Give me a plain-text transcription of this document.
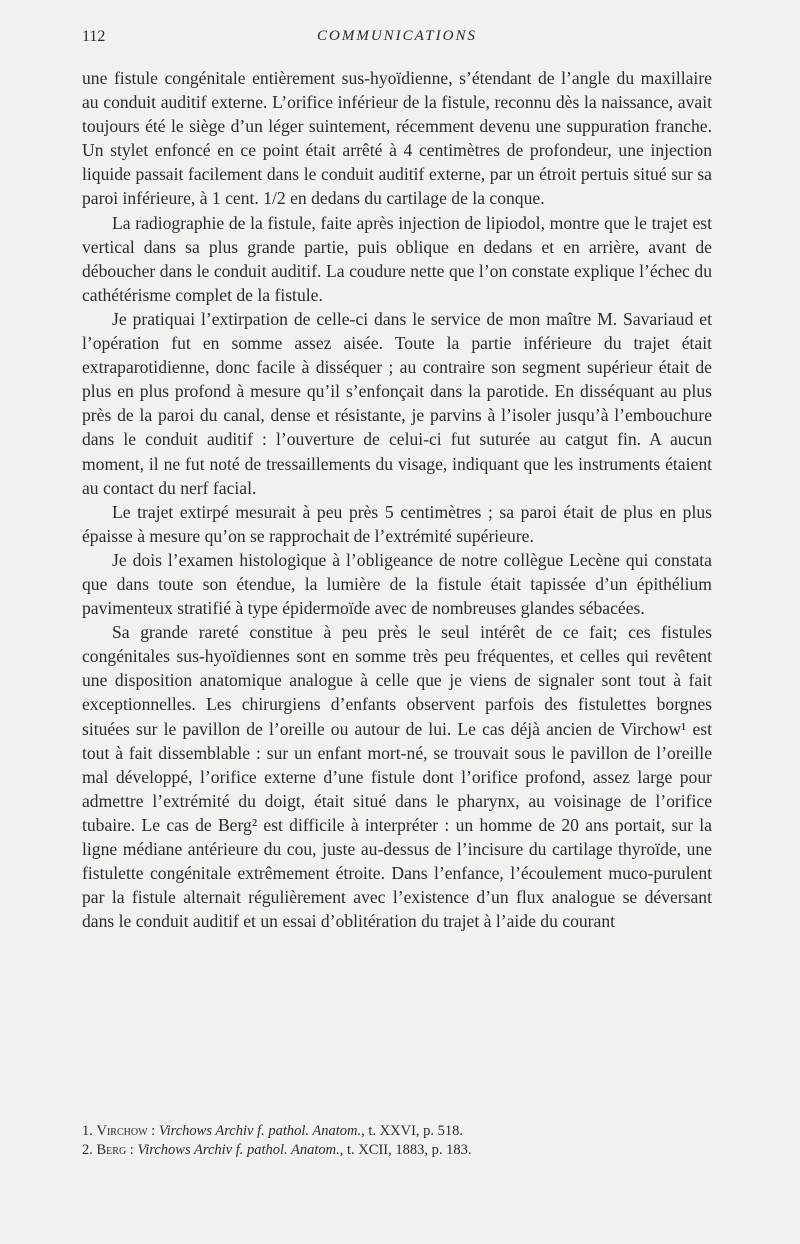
112	COMMUNICATIONS

une fistule congénitale entièrement sus-hyoïdienne, s’étendant de l’angle du maxillaire au conduit auditif externe. L’orifice inférieur de la fistule, reconnu dès la naissance, avait toujours été le siège d’un léger suintement, récemment devenu une suppuration franche. Un stylet enfoncé en ce point était arrêté à 4 centimètres de profondeur, une injection liquide passait facilement dans le conduit auditif externe, par un étroit pertuis situé sur sa paroi inférieure, à 1 cent. 1/2 en dedans du cartilage de la conque.

La radiographie de la fistule, faite après injection de lipiodol, montre que le trajet est vertical dans sa plus grande partie, puis oblique en dedans et en arrière, avant de déboucher dans le conduit auditif. La coudure nette que l’on constate explique l’échec du cathétérisme complet de la fistule.

Je pratiquai l’extirpation de celle-ci dans le service de mon maître M. Savariaud et l’opération fut en somme assez aisée. Toute la partie inférieure du trajet était extraparotidienne, donc facile à disséquer ; au contraire son segment supérieur était de plus en plus profond à mesure qu’il s’enfonçait dans la parotide. En disséquant au plus près de la paroi du canal, dense et résistante, je parvins à l’isoler jusqu’à l’embouchure dans le conduit auditif : l’ouverture de celui-ci fut suturée au catgut fin. A aucun moment, il ne fut noté de tressaillements du visage, indiquant que les instruments étaient au contact du nerf facial.

Le trajet extirpé mesurait à peu près 5 centimètres ; sa paroi était de plus en plus épaisse à mesure qu’on se rapprochait de l’extrémité supérieure.

Je dois l’examen histologique à l’obligeance de notre collègue Lecène qui constata que dans toute son étendue, la lumière de la fistule était tapissée d’un épithélium pavimenteux stratifié à type épidermoïde avec de nombreuses glandes sébacées.

Sa grande rareté constitue à peu près le seul intérêt de ce fait; ces fistules congénitales sus-hyoïdiennes sont en somme très peu fréquentes, et celles qui revêtent une disposition anatomique analogue à celle que je viens de signaler sont tout à fait exceptionnelles. Les chirurgiens d’enfants observent parfois des fistulettes borgnes situées sur le pavillon de l’oreille ou autour de lui. Le cas déjà ancien de Virchow¹ est tout à fait dissemblable : sur un enfant mort-né, se trouvait sous le pavillon de l’oreille mal développé, l’orifice externe d’une fistule dont l’orifice profond, assez large pour admettre l’extrémité du doigt, était situé dans le pharynx, au voisinage de l’orifice tubaire. Le cas de Berg² est difficile à interpréter : un homme de 20 ans portait, sur la ligne médiane antérieure du cou, juste au-dessus de l’incisure du cartilage thyroïde, une fistulette congénitale extrêmement étroite. Dans l’enfance, l’écoulement muco-purulent par la fistule alternait régulièrement avec l’existence d’un flux analogue se déversant dans le conduit auditif et un essai d’oblitération du trajet à l’aide du courant

1. Virchow : Virchows Archiv f. pathol. Anatom., t. XXVI, p. 518.

2. Berg : Virchows Archiv f. pathol. Anatom., t. XCII, 1883, p. 183.
